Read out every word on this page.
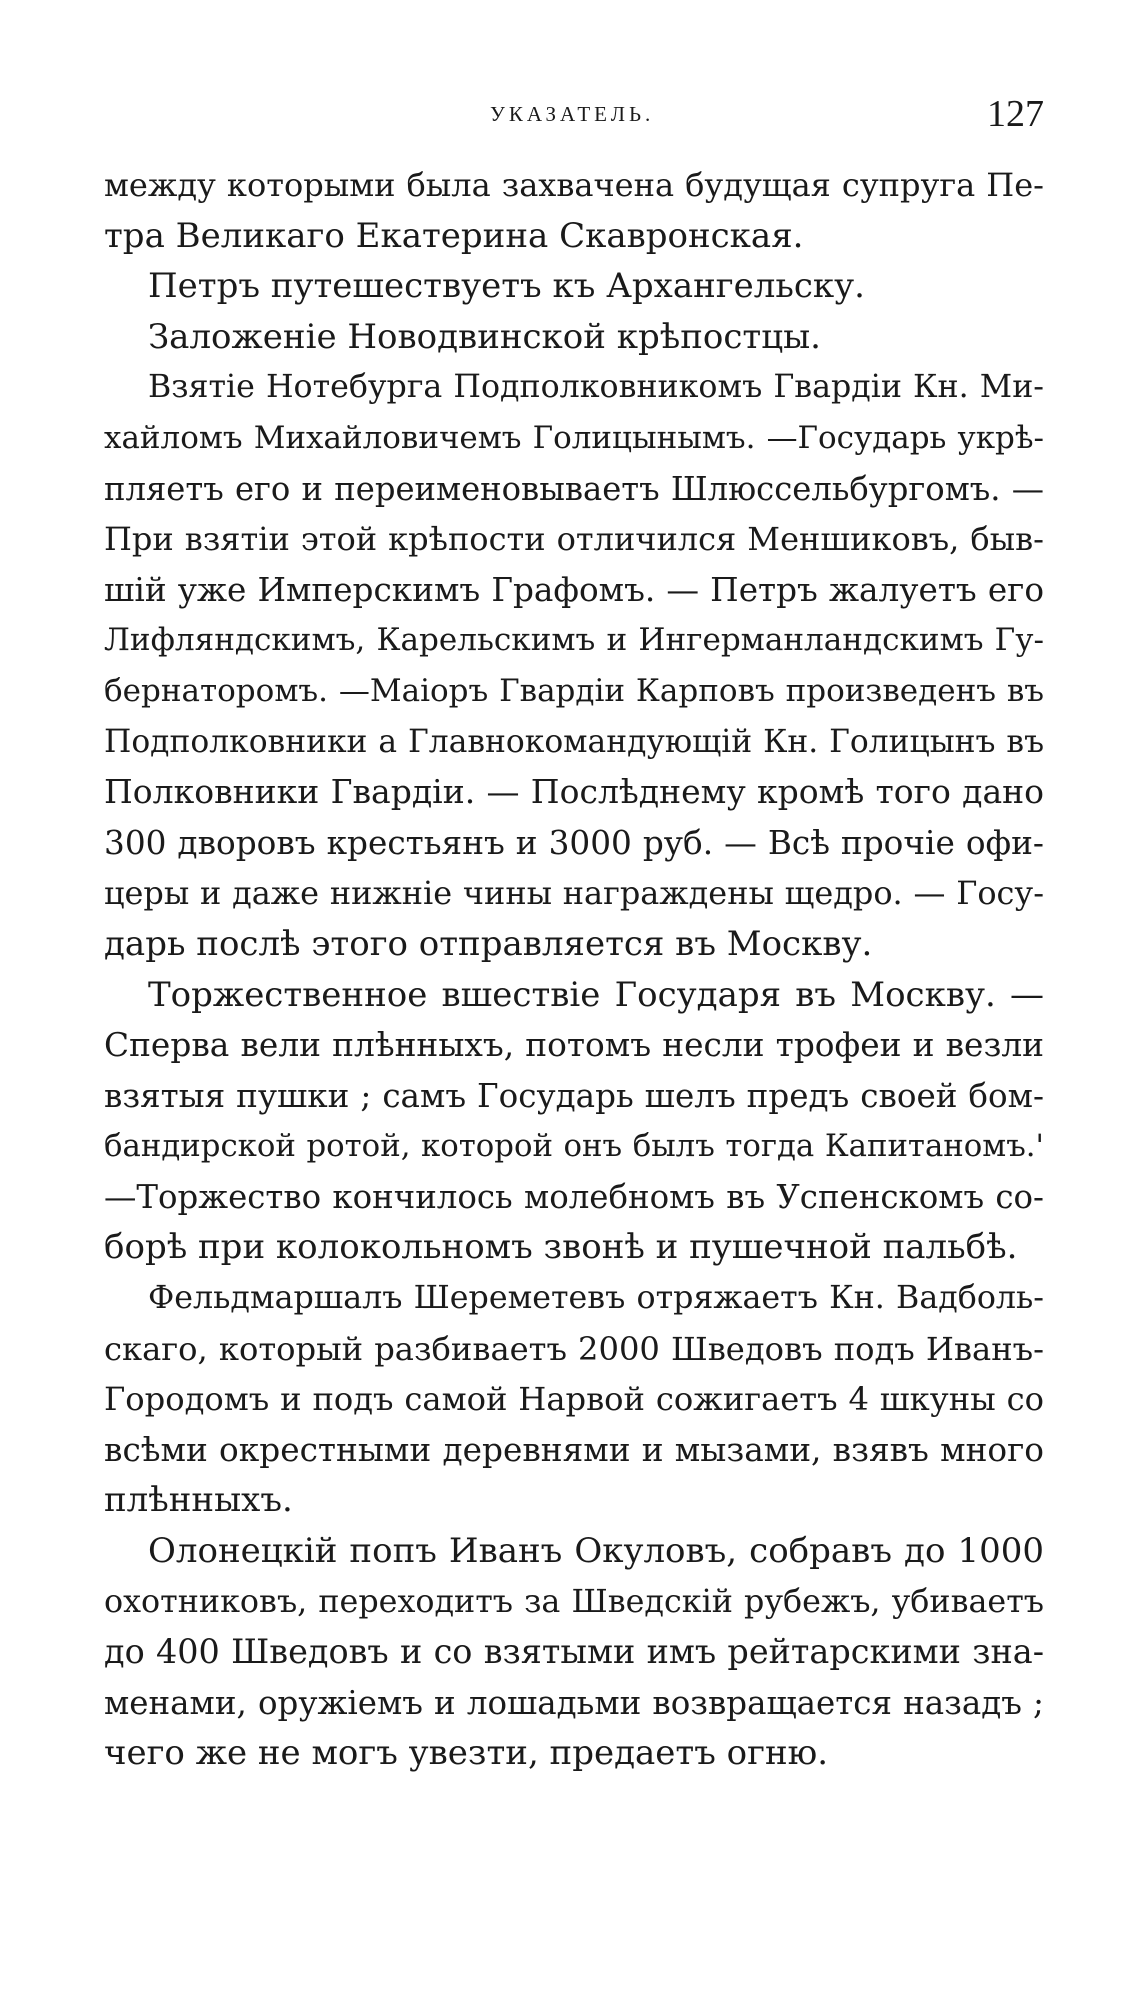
УКАЗАТЕЛЬ.	127
между которыми была захвачена будущая супруга Пе-
тра Великаго Екатерина Скавронская.
Петръ путешествуетъ къ Архангельску.
Заложеніе Новодвинской крѣпостцы.
Взятіе Нотебурга Подполковникомъ Гвардіи Кн. Ми-
хайломъ Михайловичемъ Голицынымъ. —Государь укрѣ-
пляетъ его и переименовываетъ Шлюссельбургомъ. —
При взятіи этой крѣпости отличился Меншиковъ, быв-
шій уже Имперскимъ Графомъ. — Петръ жалуетъ его
Лифляндскимъ, Карельскимъ и Ингерманландскимъ Гу-
бернаторомъ. —Маіоръ Гвардіи Карповъ произведенъ въ
Подполковники а Главнокомандующій Кн. Голицынъ въ
Полковники Гвардіи. — Послѣднему кромѣ того дано
300 дворовъ крестьянъ и 3000 руб. — Всѣ прочіе офи-
церы и даже нижніе чины награждены щедро. — Госу-
дарь послѣ этого отправляется въ Москву.
Торжественное вшествіе Государя въ Москву. —
Сперва вели плѣнныхъ, потомъ несли трофеи и везли
взятыя пушки ; самъ Государь шелъ предъ своей бом-
бандирской ротой, которой онъ былъ тогда Капитаномъ.'
—Торжество кончилось молебномъ въ Успенскомъ со-
борѣ при колокольномъ звонѣ и пушечной пальбѣ.
Фельдмаршалъ Шереметевъ отряжаетъ Кн. Вадболь-
скаго, который разбиваетъ 2000 Шведовъ подъ Иванъ-
Городомъ и подъ самой Нарвой сожигаетъ 4 шкуны со
всѣми окрестными деревнями и мызами, взявъ много
плѣнныхъ.
Олонецкій попъ Иванъ Окуловъ, собравъ до 1000
охотниковъ, переходитъ за Шведскій рубежъ, убиваетъ
до 400 Шведовъ и со взятыми имъ рейтарскими зна-
менами, оружіемъ и лошадьми возвращается назадъ ;
чего же не могъ увезти, предаетъ огню.
